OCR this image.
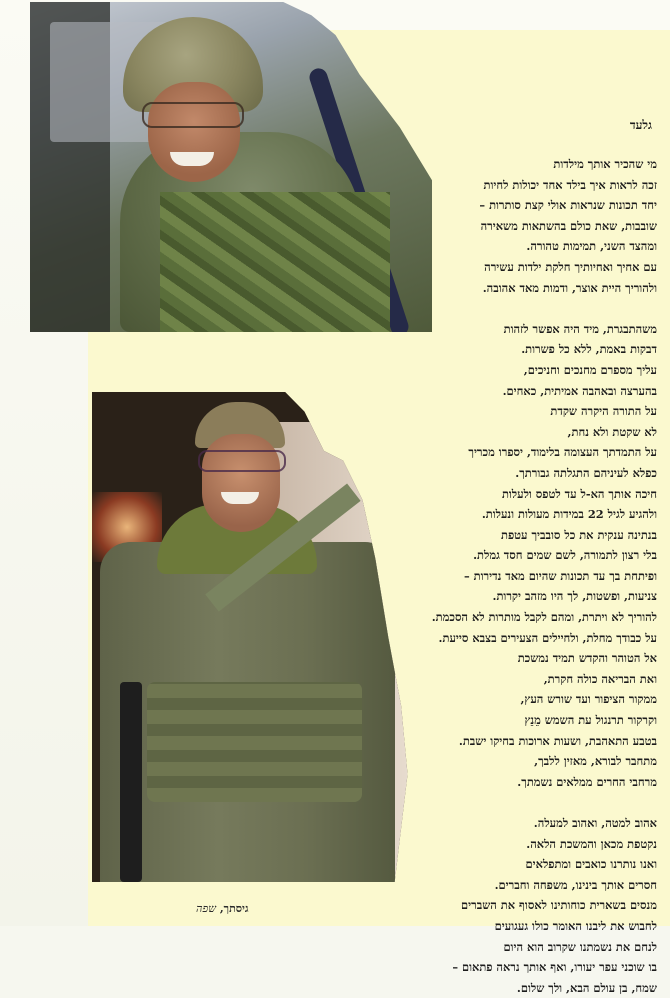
גלעד
מי שהכיר אותך מילדות
זכה לראות איך בילד אחד יכולות לחיות
יחד תכונות שנראות אולי קצת סותרות –
שובבות, שאת כולם בהשתאות משאירה
ומהצד השני, תמימות טהורה.
עם אחיך ואחיותיך חלקת ילדות עשירה
ולהוריך היית אוצר, ודמות מאד אהובה.
משהתבגרת, מיד היה אפשר לזהות
דבקות באמת, ללא כל פשרות.
עליך מספרם מחנכים וחניכים,
בהערצה ובאהבה אמיתית, כאחים.
על התורה היקרה שקדת
לא שקטת ולא נחת,
על התמדתך העצומה בלימוד, יספרו מכריך
כפלא לעיניהם התגלתה גבורתך.
חיכה אותך הא-ל עד לטפס ולעלות
ולהגיע לגיל 22 במידות מעולות ונעלות.
בנתינה ענקית את כל סובביך עטפת
בלי רצון לתמורה, לשם שמים חסד גמלת.
ופיתחת בך עד תכונות שהיום מאד נדירות –
צניעות, ופשטות, לך היו מזהב יקרות.
להוריך לא ויתרת, ומהם לקבל מותרות לא הסכמת.
על כבודך מחלת, ולחיילים הצעירים בצבא סייעת.
אל הטוהר והקדש תמיד נמשכת
ואת הבריאה כולה חקרת,
ממקור הציפור ועד שורש העץ,
וקרקור תרנגול עת השמש מֵנֵץ
בטבע התאהבת, ושעות ארוכות בחיקו ישבת.
מתחבר לבורא, מאזין ללבך,
מרחבי החרים ממלאים נשמתך.
אהוב למטה, ואהוב למעלה.
נקטפת מכאן והמשכת הלאה.
ואנו נותרנו כואבים ומתפלאים
חסרים אותך בינינו, משפחה וחברים.
מנסים בשארית כוחותינו לאסוף את השברים
לחבוש את ליבנו האומר כולו געגועים
לנחם את נשמתנו שקרוב הוא היום
בו שוכני עפר יעורו, ואף אותך נראה פתאום –
שמח, בן עולם הבא, ולך שלום.
גיסתך, שפה
